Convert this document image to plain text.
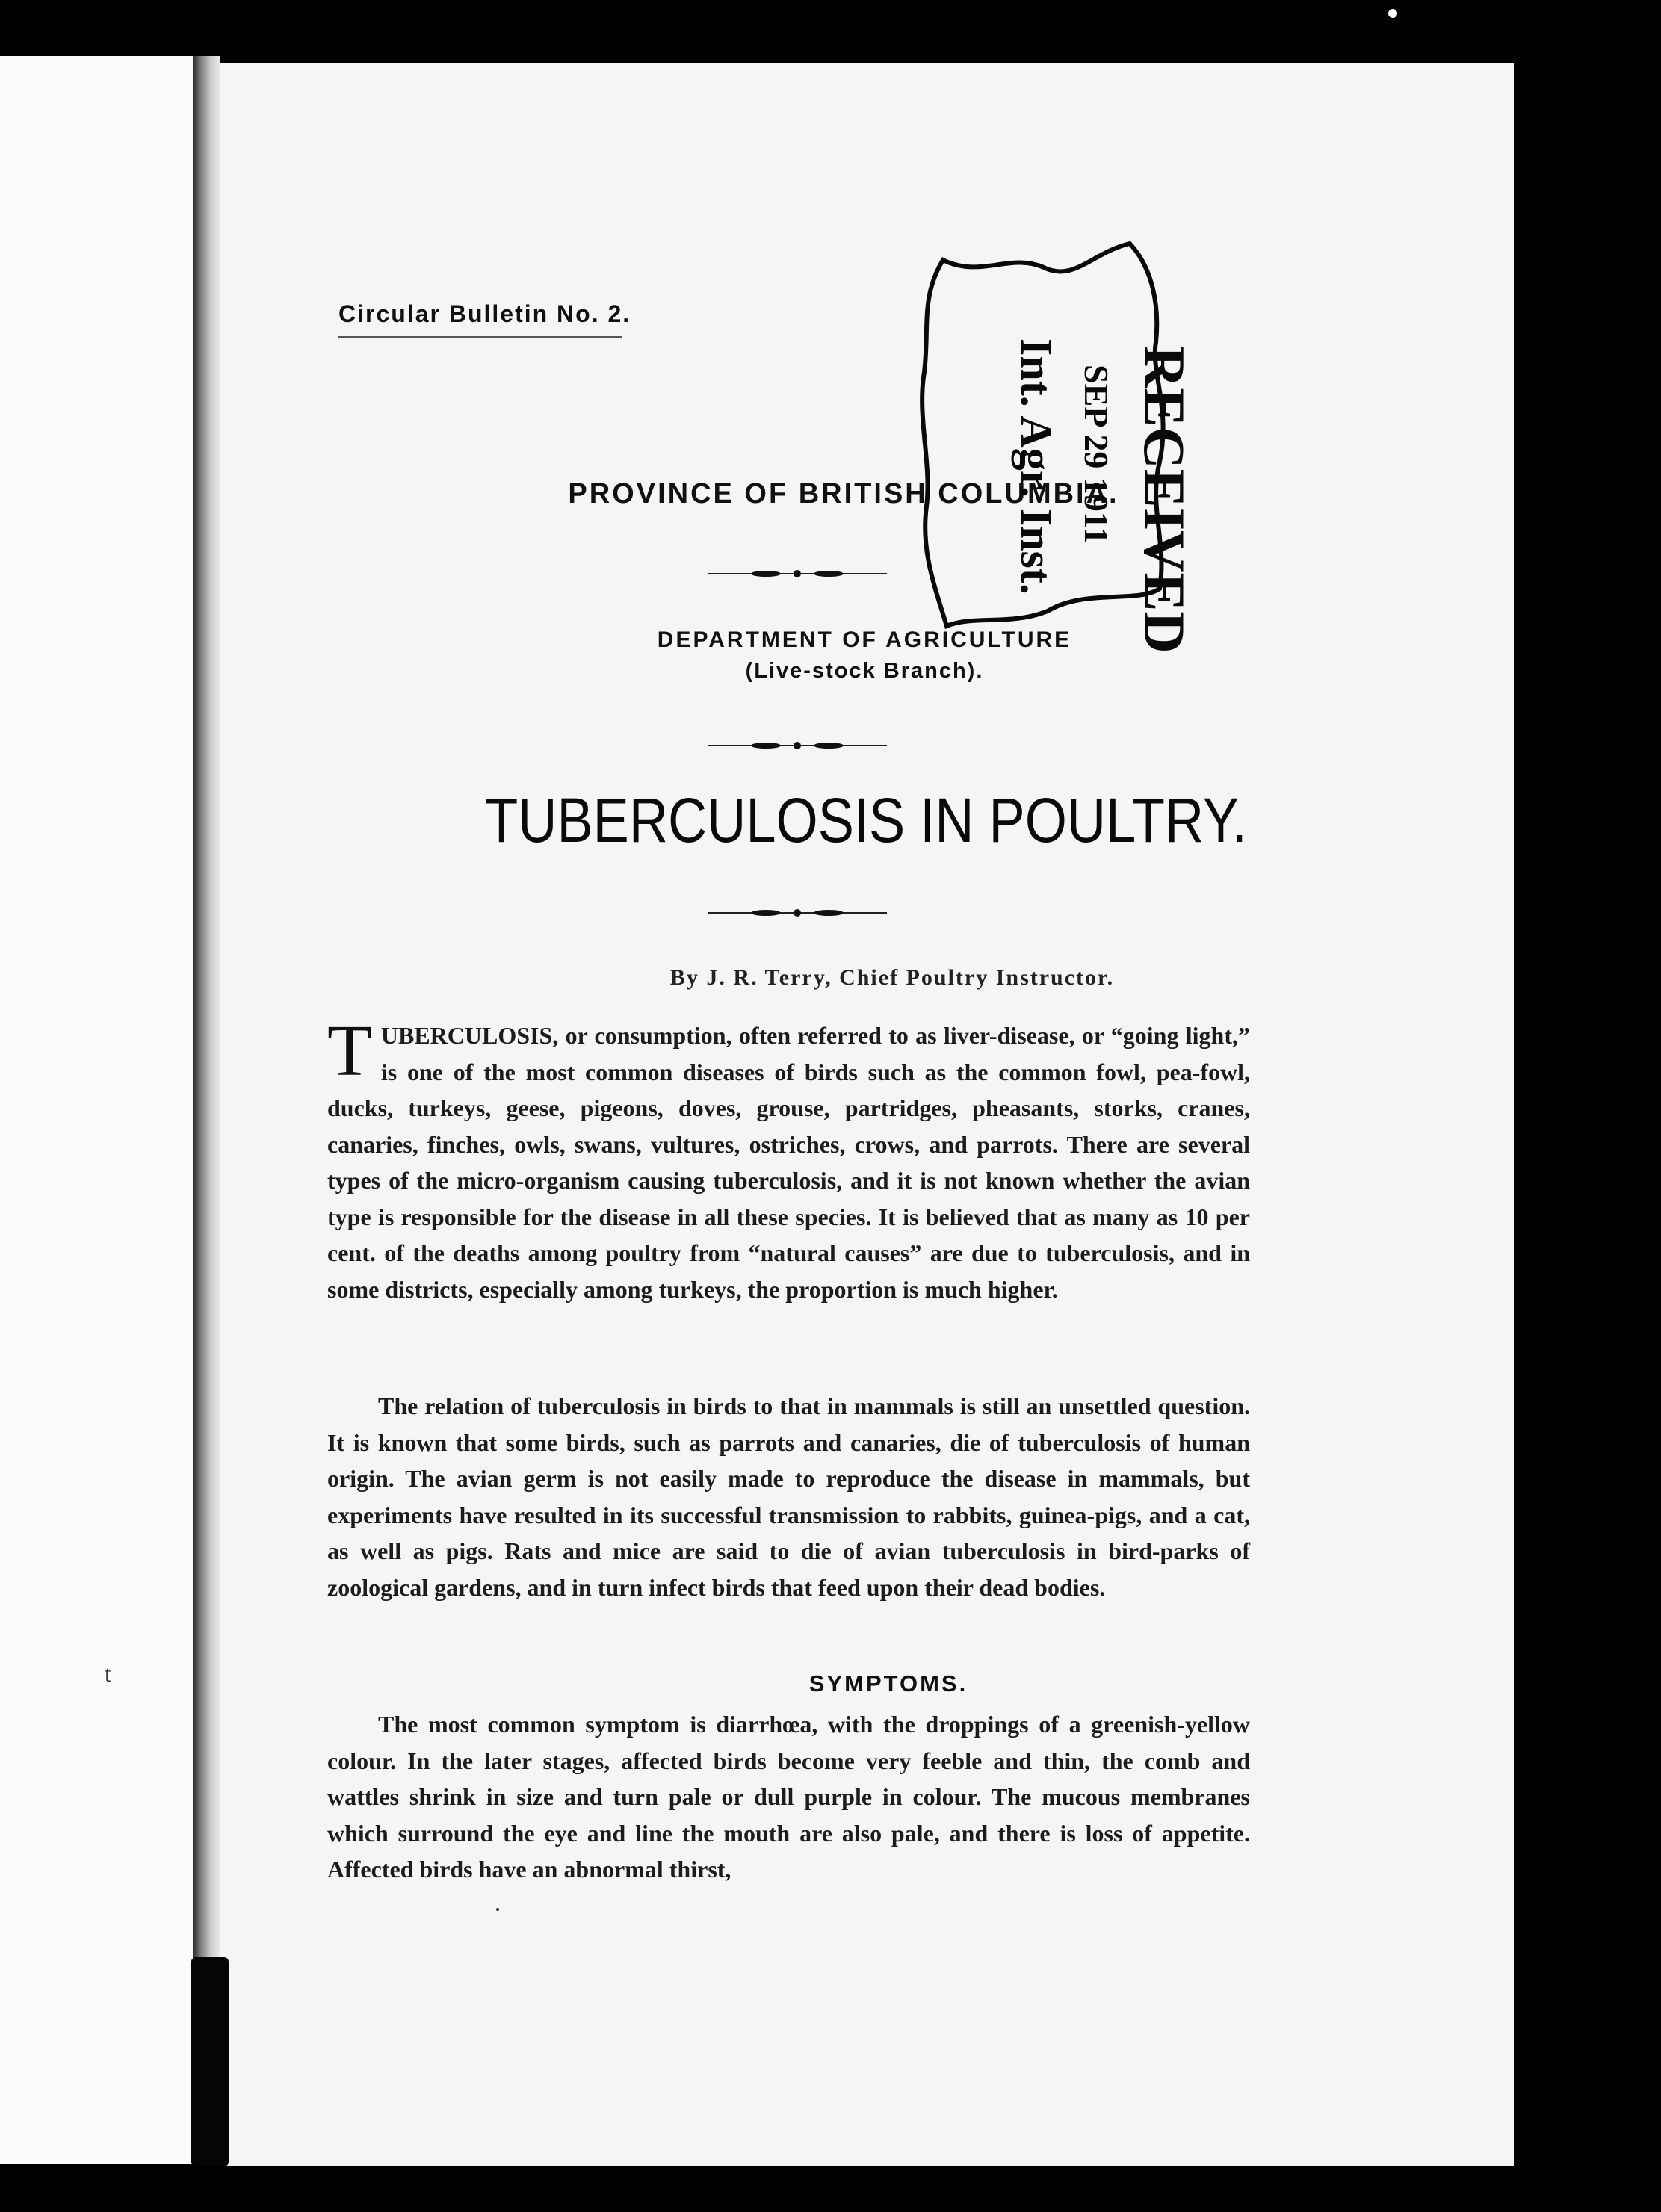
Circular Bulletin No. 2.
PROVINCE OF BRITISH COLUMBIA.
DEPARTMENT OF AGRICULTURE
(Live-stock Branch).
TUBERCULOSIS IN POULTRY.
By J. R. Terry, Chief Poultry Instructor.
TUBERCULOSIS, or consumption, often referred to as liver-disease, or “going light,” is one of the most common diseases of birds such as the common fowl, pea-fowl, ducks, turkeys, geese, pigeons, doves, grouse, partridges, pheasants, storks, cranes, canaries, finches, owls, swans, vultures, ostriches, crows, and parrots. There are several types of the micro-organism causing tuberculosis, and it is not known whether the avian type is responsible for the disease in all these species. It is believed that as many as 10 per cent. of the deaths among poultry from “natural causes” are due to tuberculosis, and in some districts, especially among turkeys, the proportion is much higher.
The relation of tuberculosis in birds to that in mammals is still an unsettled question. It is known that some birds, such as parrots and canaries, die of tuberculosis of human origin. The avian germ is not easily made to reproduce the disease in mammals, but experiments have resulted in its successful transmission to rabbits, guinea-pigs, and a cat, as well as pigs. Rats and mice are said to die of avian tuberculosis in bird-parks of zoological gardens, and in turn infect birds that feed upon their dead bodies.
SYMPTOMS.
The most common symptom is diarrhœa, with the droppings of a greenish-yellow colour. In the later stages, affected birds become very feeble and thin, the comb and wattles shrink in size and turn pale or dull purple in colour. The mucous membranes which surround the eye and line the mouth are also pale, and there is loss of appetite. Affected birds have an abnormal thirst,
t
RECEIVED
SEP 29 1911
Int. Agr. Inst.
